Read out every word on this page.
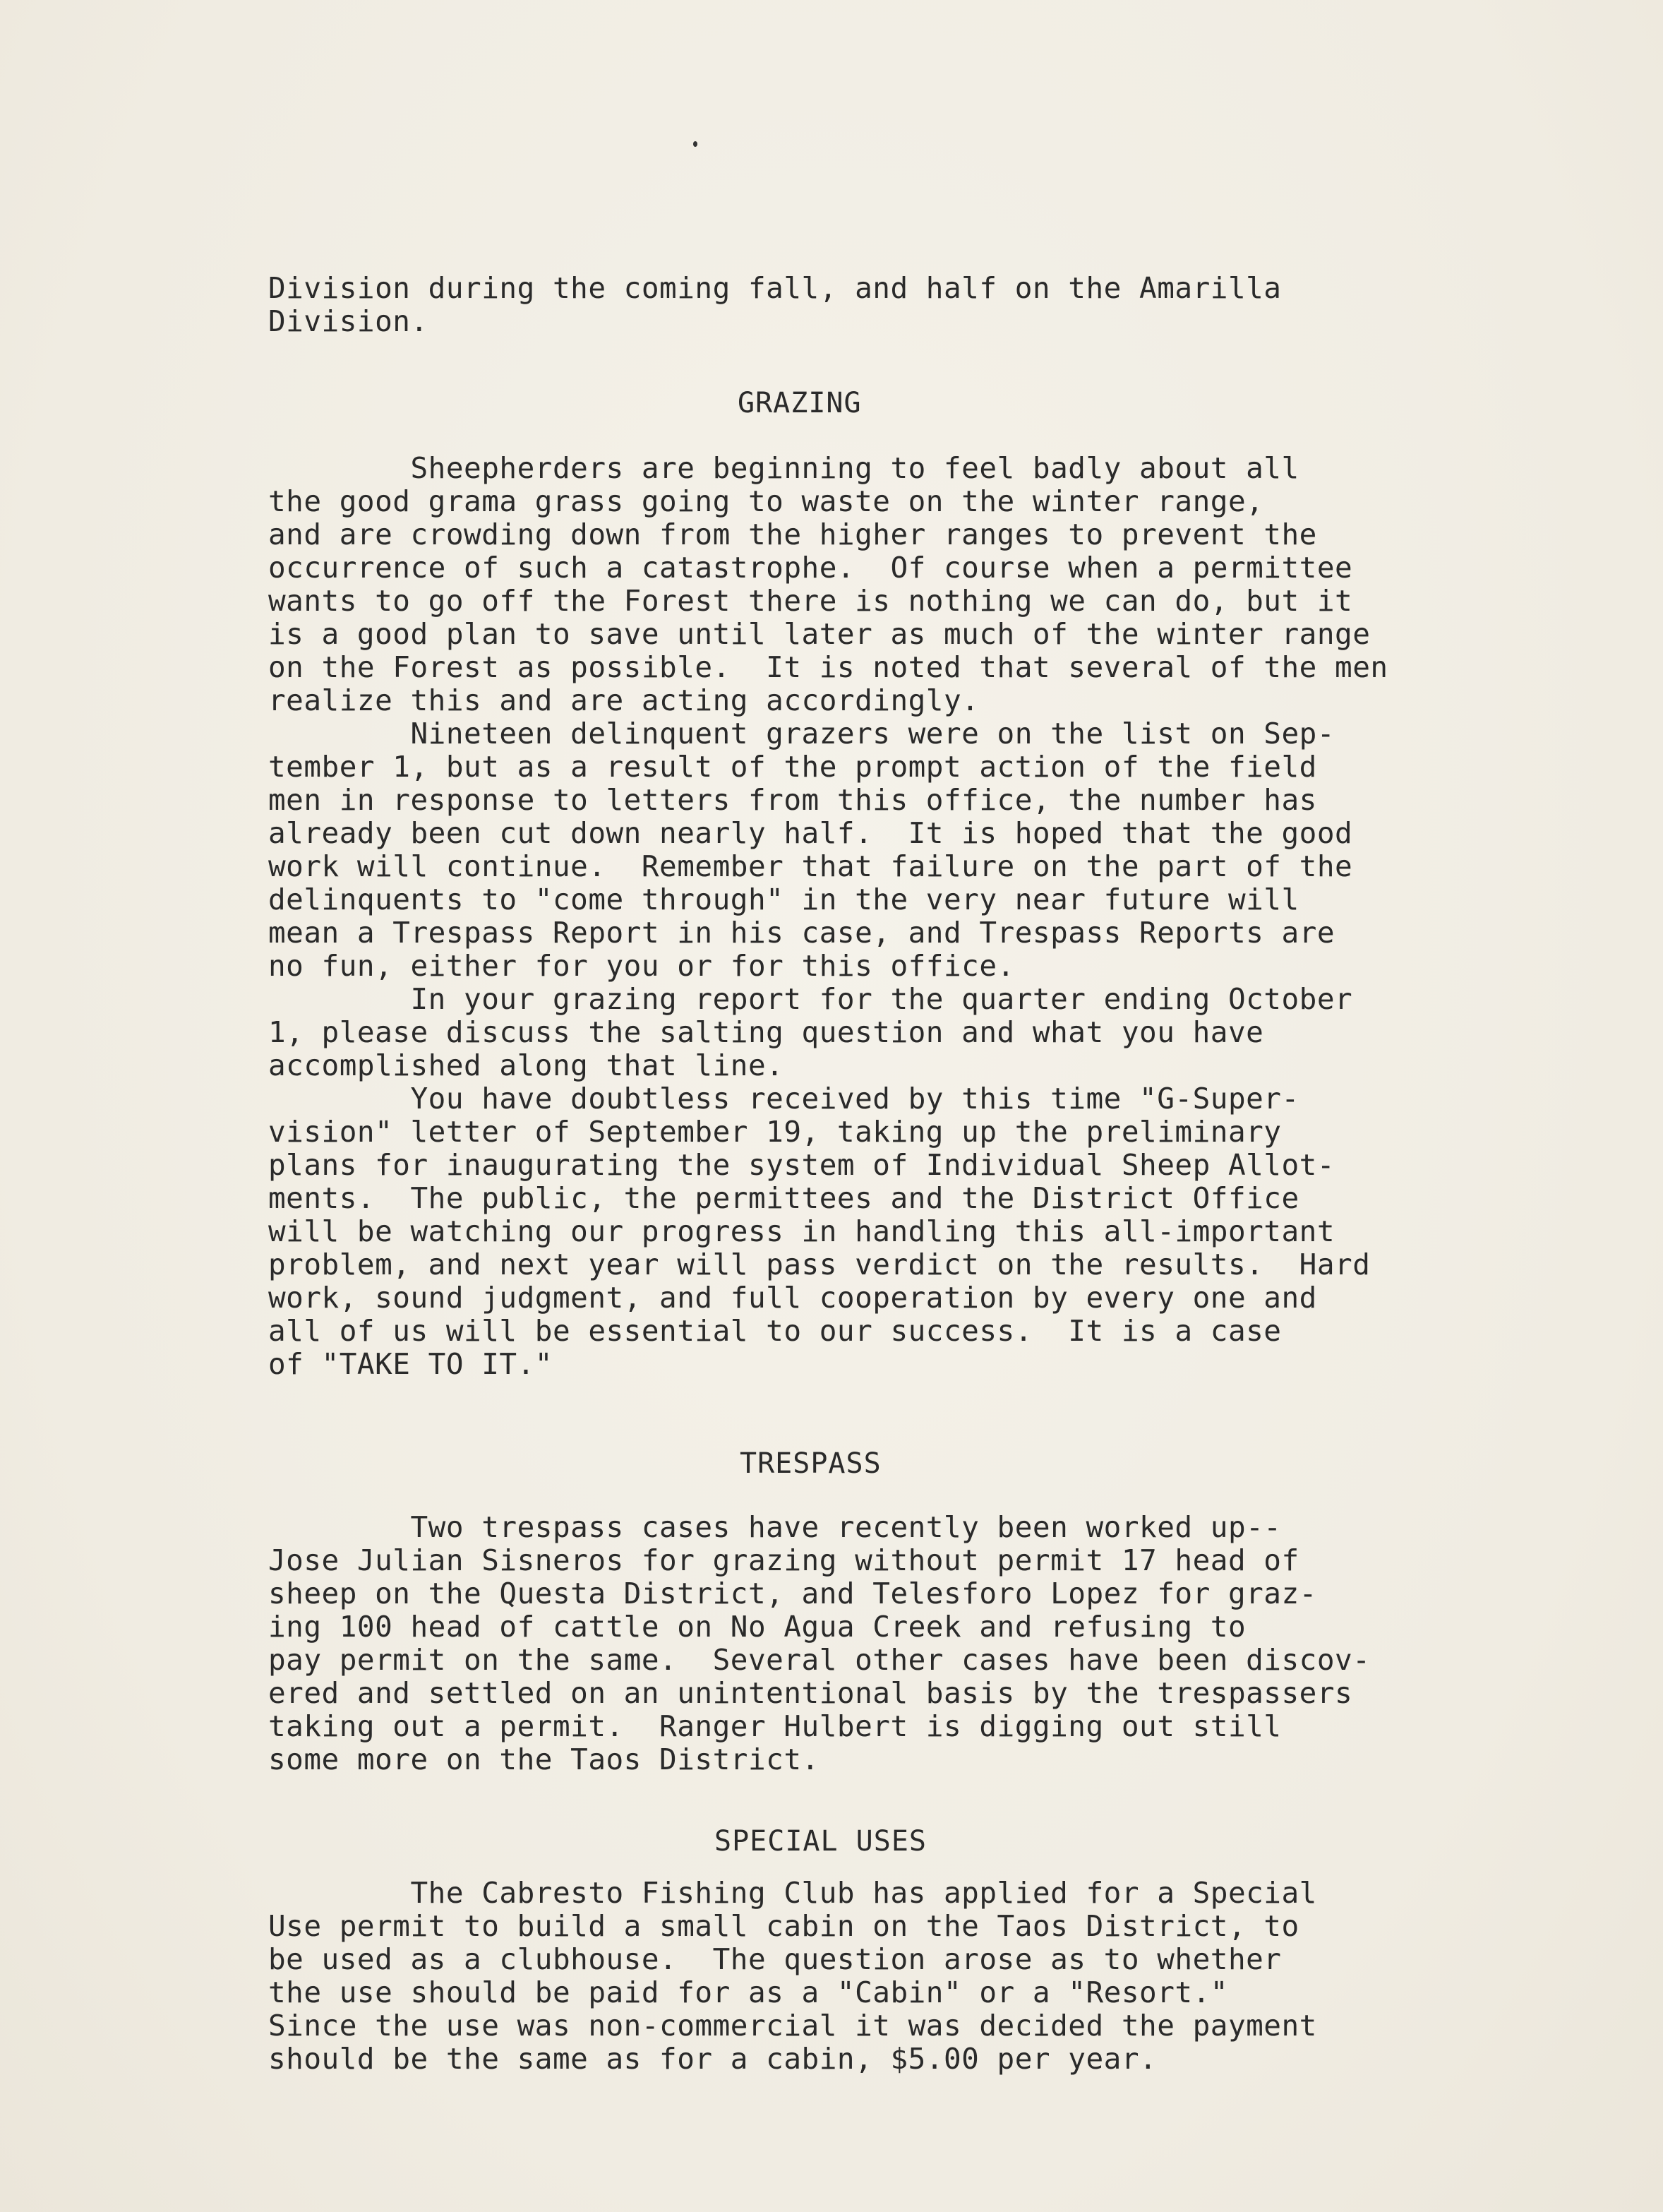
Division during the coming fall, and half on the Amarilla
Division.
GRAZING
Sheepherders are beginning to feel badly about all
the good grama grass going to waste on the winter range,
and are crowding down from the higher ranges to prevent the
occurrence of such a catastrophe.  Of course when a permittee
wants to go off the Forest there is nothing we can do, but it
is a good plan to save until later as much of the winter range
on the Forest as possible.  It is noted that several of the men
realize this and are acting accordingly.
Nineteen delinquent grazers were on the list on Sep-
tember 1, but as a result of the prompt action of the field
men in response to letters from this office, the number has
already been cut down nearly half.  It is hoped that the good
work will continue.  Remember that failure on the part of the
delinquents to "come through" in the very near future will
mean a Trespass Report in his case, and Trespass Reports are
no fun, either for you or for this office.
In your grazing report for the quarter ending October
1, please discuss the salting question and what you have
accomplished along that line.
You have doubtless received by this time "G-Super-
vision" letter of September 19, taking up the preliminary
plans for inaugurating the system of Individual Sheep Allot-
ments.  The public, the permittees and the District Office
will be watching our progress in handling this all-important
problem, and next year will pass verdict on the results.  Hard
work, sound judgment, and full cooperation by every one and
all of us will be essential to our success.  It is a case
of "TAKE TO IT."
TRESPASS
Two trespass cases have recently been worked up--
Jose Julian Sisneros for grazing without permit 17 head of
sheep on the Questa District, and Telesforo Lopez for graz-
ing 100 head of cattle on No Agua Creek and refusing to
pay permit on the same.  Several other cases have been discov-
ered and settled on an unintentional basis by the trespassers
taking out a permit.  Ranger Hulbert is digging out still
some more on the Taos District.
SPECIAL USES
The Cabresto Fishing Club has applied for a Special
Use permit to build a small cabin on the Taos District, to
be used as a clubhouse.  The question arose as to whether
the use should be paid for as a "Cabin" or a "Resort."
Since the use was non-commercial it was decided the payment
should be the same as for a cabin, $5.00 per year.
